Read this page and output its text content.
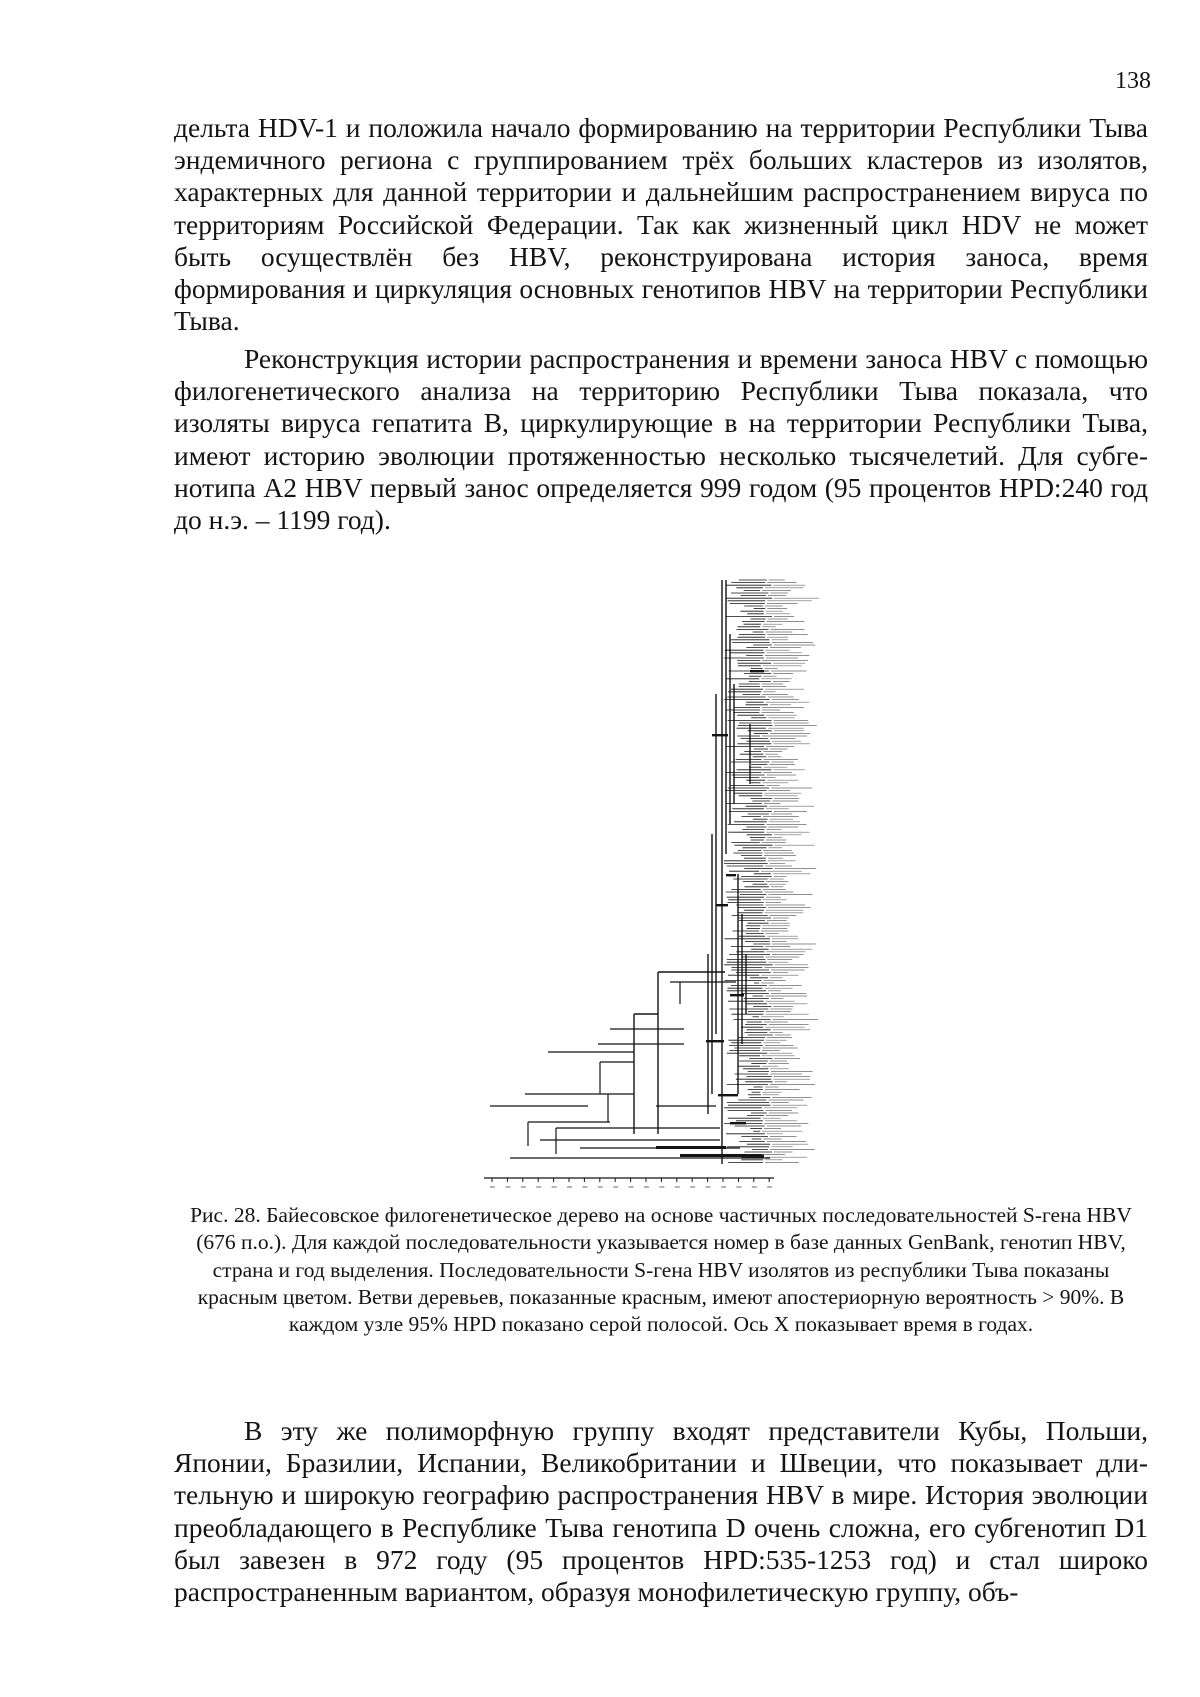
138

дельта HDV-1 и положила начало формированию на территории Республики Тыва эндемичного региона с группированием трёх больших кластеров из изолятов, характерных для данной территории и дальнейшим распространением вируса по территориям Российской Федерации. Так как жизненный цикл HDV не может быть осуществлён без HBV, реконструирована история заноса, время формирования и циркуляция основных генотипов HBV на территории Республики Тыва.

Реконструкция истории распространения и времени заноса HBV с помощью филогенетического анализа на территорию Республики Тыва показала, что изоляты вируса гепатита В, циркулирующие в на территории Республики Тыва, имеют историю эволюции протяженностью несколько тысячелетий. Для субгенотипа А2 HBV первый занос определяется 999 годом (95 процентов HPD:240 год до н.э. – 1199 год).

Рис. 28. Байесовское филогенетическое дерево на основе частичных последовательностей S-гена HBV (676 п.о.). Для каждой последовательности указывается номер в базе данных GenBank, генотип HBV, страна и год выделения. Последовательности S-гена HBV изолятов из республики Тыва показаны красным цветом. Ветви деревьев, показанные красным, имеют апостериорную вероятность > 90%. В каждом узле 95% HPD показано серой полосой. Ось X показывает время в годах.

В эту же полиморфную группу входят представители Кубы, Польши, Японии, Бразилии, Испании, Великобритании и Швеции, что показывает длительную и широкую географию распространения HBV в мире. История эволюции преобладающего в Республике Тыва генотипа D очень сложна, его субгенотип D1 был завезен в 972 году (95 процентов HPD:535-1253 год) и стал широко распространенным вариантом, образуя монофилетическую группу, объ-
